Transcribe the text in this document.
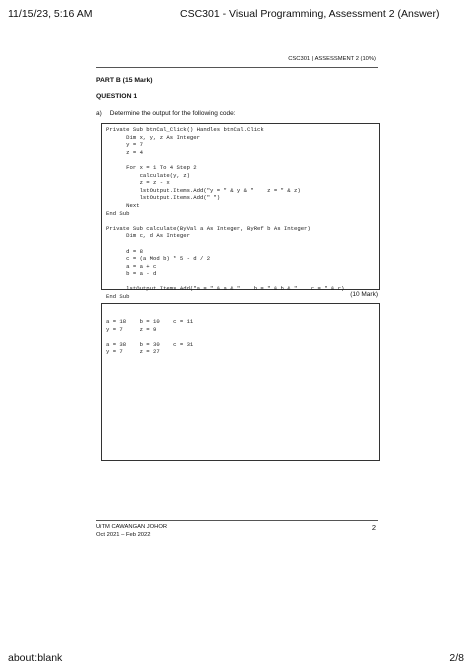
11/15/23, 5:16 AM	CSC301 - Visual Programming, Assessment 2 (Answer)
CSC301 | ASSESSMENT 2 (10%)
PART B (15 Mark)
QUESTION 1
a) Determine the output for the following code:
Private Sub btnCal_Click() Handles btnCal.Click
Dim x, y, z As Integer
y = 7
z = 4

For x = 1 To 4 Step 2
calculate(y, z)
z = z - x
lstOutput.Items.Add("y = " & y & "    z = " & z)
lstOutput.Items.Add(" ")
Next
End Sub

Private Sub calculate(ByVal a As Integer, ByRef b As Integer)
Dim c, d As Integer

d = 8
c = (a Mod b) * 5 - d / 2
a = a + c
b = a - d

lstOutput.Items.Add("a = " & a & "    b = " & b & "    c = " & c)
End Sub	(10 Mark)
a = 18    b = 10    c = 11
y = 7     z = 9

a = 38    b = 30    c = 31
y = 7     z = 27
UiTM CAWANGAN JOHOR
Oct 2021 – Feb 2022
2
about:blank	2/8
